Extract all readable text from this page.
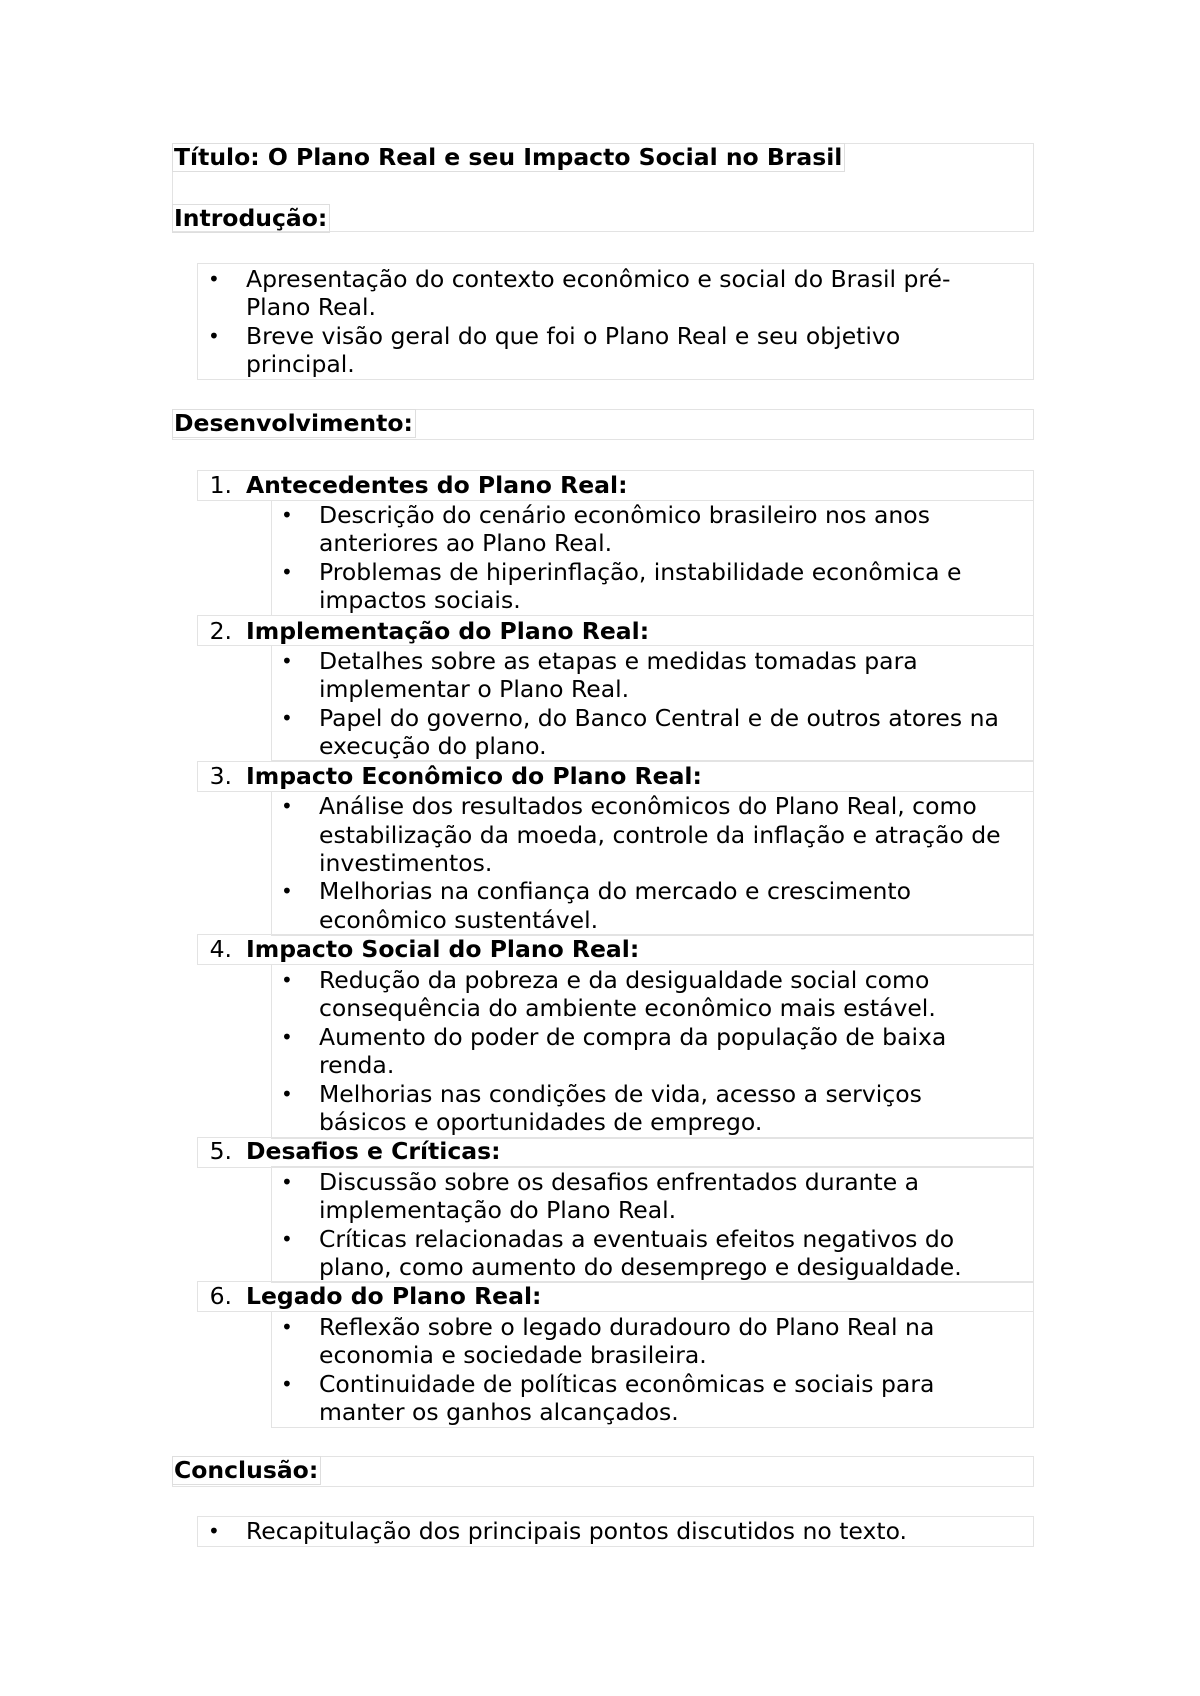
Título: O Plano Real e seu Impacto Social no Brasil
Introdução:
• Apresentação do contexto econômico e social do Brasil pré-
Plano Real.
• Breve visão geral do que foi o Plano Real e seu objetivo
principal.
Desenvolvimento:
1. Antecedentes do Plano Real:
• Descrição do cenário econômico brasileiro nos anos
anteriores ao Plano Real.
• Problemas de hiperinflação, instabilidade econômica e
impactos sociais.
2. Implementação do Plano Real:
• Detalhes sobre as etapas e medidas tomadas para
implementar o Plano Real.
• Papel do governo, do Banco Central e de outros atores na
execução do plano.
3. Impacto Econômico do Plano Real:
• Análise dos resultados econômicos do Plano Real, como
estabilização da moeda, controle da inflação e atração de
investimentos.
• Melhorias na confiança do mercado e crescimento
econômico sustentável.
4. Impacto Social do Plano Real:
• Redução da pobreza e da desigualdade social como
consequência do ambiente econômico mais estável.
• Aumento do poder de compra da população de baixa
renda.
• Melhorias nas condições de vida, acesso a serviços
básicos e oportunidades de emprego.
5. Desafios e Críticas:
• Discussão sobre os desafios enfrentados durante a
implementação do Plano Real.
• Críticas relacionadas a eventuais efeitos negativos do
plano, como aumento do desemprego e desigualdade.
6. Legado do Plano Real:
• Reflexão sobre o legado duradouro do Plano Real na
economia e sociedade brasileira.
• Continuidade de políticas econômicas e sociais para
manter os ganhos alcançados.
Conclusão:
• Recapitulação dos principais pontos discutidos no texto.
